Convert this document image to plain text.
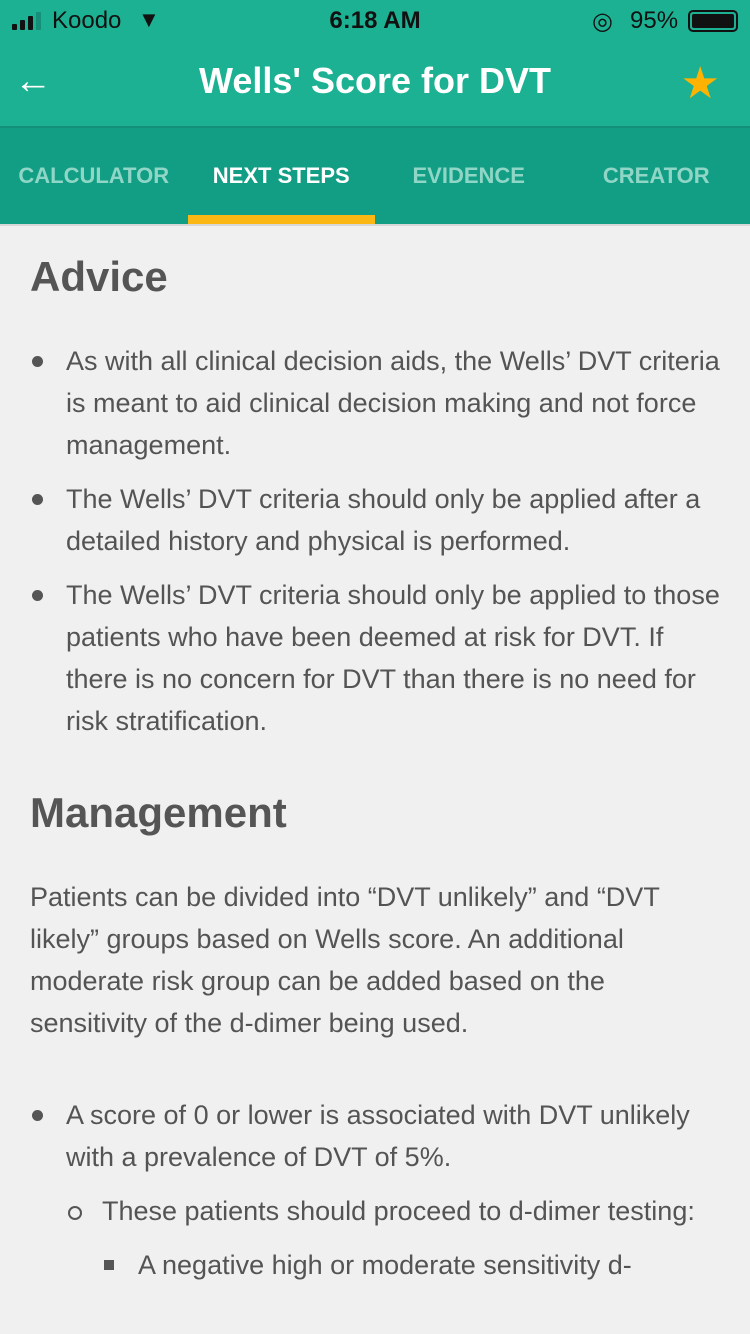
Koodo ▼	6:18 AM	◎ 95%
←	Wells' Score for DVT	★
CALCULATOR	NEXT STEPS	EVIDENCE	CREATOR
Advice
As with all clinical decision aids, the Wells’ DVT criteria is meant to aid clinical decision making and not force management.
The Wells’ DVT criteria should only be applied after a detailed history and physical is performed.
The Wells’ DVT criteria should only be applied to those patients who have been deemed at risk for DVT. If there is no concern for DVT than there is no need for risk stratification.
Management

Patients can be divided into “DVT unlikely” and “DVT likely” groups based on Wells score. An additional moderate risk group can be added based on the sensitivity of the d-dimer being used.

A score of 0 or lower is associated with DVT unlikely with a prevalence of DVT of 5%.
These patients should proceed to d-dimer testing:
A negative high or moderate sensitivity d-
